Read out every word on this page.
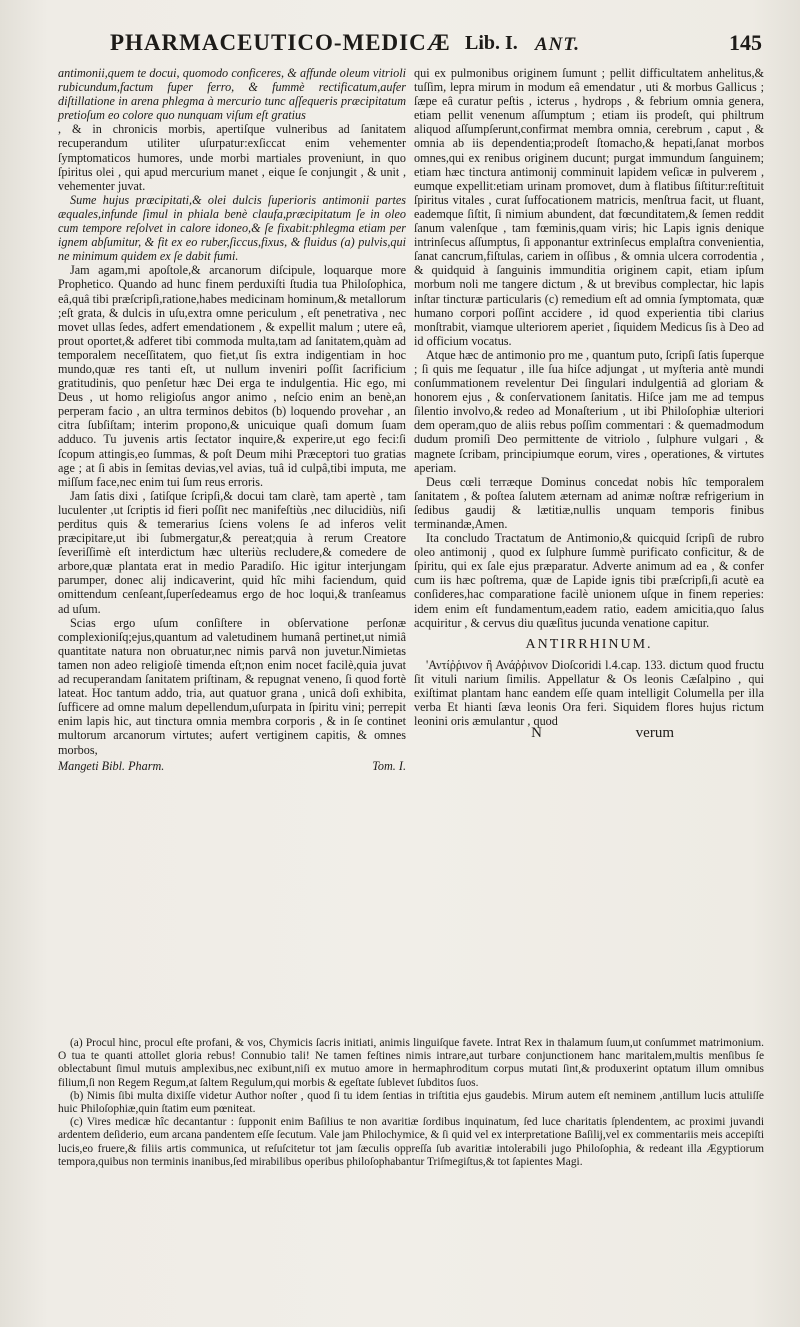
PHARMACEUTICO-MEDICÆ Lib. I. ANT.	145

antimonii,quem te docui, quomodo conficeres, & affunde oleum vitrioli rubicundum,factum fuper ferro, & fummè rectificatum,aufer diſtillatione in arena phlegma à mercurio tunc aſſequeris præcipitatum pretioſum eo colore quo nunquam viſum eſt gratius

, & in chronicis morbis, apertiſque vulneribus ad ſanitatem recuperandum utiliter uſurpatur:exſiccat enim vehementer ſymptomaticos humores, unde morbi martiales proveniunt, in quo ſpiritus olei , qui apud mercurium manet , eique ſe conjungit , & unit , vehementer juvat.

Sume hujus præcipitati,& olei dulcis ſuperioris antimonii partes æquales,infunde ſimul in phiala benè claufa,præcipitatum ſe in oleo cum tempore reſolvet in calore idoneo,& ſe fixabit:phlegma etiam per ignem abſumitur, & fit ex eo ruber,ſiccus,fixus, & fluidus (a) pulvis,qui ne minimum quidem ex ſe dabit fumi.

Jam agam,mi apoſtole,& arcanorum diſcipule, loquarque more Prophetico. Quando ad hunc finem perduxiſti ſtudia tua Philoſophica, eâ,quâ tibi præſcripſi,ratione,habes medicinam hominum,& metallorum ;eſt grata, & dulcis in uſu,extra omne periculum , eſt penetrativa , nec movet ullas ſedes, adfert emendationem , & expellit malum ; utere eâ, prout oportet,& adferet tibi commoda multa,tam ad ſanitatem,quàm ad temporalem neceſſitatem, quo fiet,ut ſis extra indigentiam in hoc mundo,quæ res tanti eſt, ut nullum inveniri poſſit ſacrificium gratitudinis, quo penſetur hæc Dei erga te indulgentia. Hic ego, mi Deus , ut homo religioſus angor animo , neſcio enim an benè,an perperam facio , an ultra terminos debitos (b) loquendo provehar , an citra ſubſiſtam; interim propono,& unicuique quaſi domum ſuam adduco. Tu juvenis artis ſectator inquire,& experire,ut ego feci:ſi ſcopum attingis,eo ſummas, & poſt Deum mihi Præceptori tuo gratias age ; at ſi abis in ſemitas devias,vel avias, tuâ id culpâ,tibi imputa, me miſſum face,nec enim tui ſum reus erroris.

Jam ſatis dixi , ſatiſque ſcripſi,& docui tam clarè, tam apertè , tam luculenter ,ut ſcriptis id fieri poſſit nec manifeſtiùs ,nec dilucidiùs, niſi perditus quis & temerarius ſciens volens ſe ad inferos velit præcipitare,ut ibi ſubmergatur,& pereat;quia à rerum Creatore ſeveriſſimè eſt interdictum hæc ulteriùs recludere,& comedere de arbore,quæ plantata erat in medio Paradiſo. Hic igitur interjungam parumper, donec alij indicaverint, quid hîc mihi faciendum, quid omittendum cenſeant,ſuperſedeamus ergo de hoc loqui,& tranſeamus ad uſum.

Scias ergo uſum conſiſtere in obſervatione perſonæ complexioniſq;ejus,quantum ad valetudinem humanâ pertinet,ut nimiâ quantitate natura non obruatur,nec nimis parvâ non juvetur.Nimietas tamen non adeo religioſè timenda eſt;non enim nocet facilè,quia juvat ad recuperandam ſanitatem priſtinam, & repugnat veneno, ſi quod fortè lateat. Hoc tantum addo, tria, aut quatuor grana , unicâ doſi exhibita, ſufficere ad omne malum depellendum,uſurpata in ſpiritu vini; perrepit enim lapis hic, aut tinctura omnia membra corporis , & in ſe continet multorum arcanorum virtutes; aufert vertiginem capitis, & omnes morbos,

Mangeti Bibl. Pharm.	Tom. I.

qui ex pulmonibus originem ſumunt ; pellit difficultatem anhelitus,& tuſſim, lepra mirum in modum eâ emendatur , uti & morbus Gallicus ; ſæpe eâ curatur peſtis , icterus , hydrops , & febrium omnia genera, etiam pellit venenum aſſumptum ; etiam iis prodeſt, qui philtrum aliquod aſſumpſerunt,confirmat membra omnia, cerebrum , caput , & omnia ab iis dependentia;prodeſt ſtomacho,& hepati,ſanat morbos omnes,qui ex renibus originem ducunt; purgat immundum ſanguinem; etiam hæc tinctura antimonij comminuit lapidem veſicæ in pulverem , eumque expellit:etiam urinam promovet, dum à flatibus ſiſtitur:reſtituit ſpiritus vitales , curat ſuffocationem matricis, menſtrua facit, ut fluant, eademque ſiſtit, ſi nimium abundent, dat fœcunditatem,& ſemen reddit ſanum valenſque , tam fœminis,quam viris; hic Lapis ignis denique intrinſecus aſſumptus, ſi apponantur extrinſecus emplaſtra convenientia, ſanat cancrum,fiſtulas, cariem in oſſibus , & omnia ulcera corrodentia , & quidquid à ſanguinis immunditia originem capit, etiam ipſum morbum noli me tangere dictum , & ut brevibus complectar, hic lapis inſtar tincturæ particularis (c) remedium eſt ad omnia ſymptomata, quæ humano corpori poſſint accidere , id quod experientia tibi clarius monſtrabit, viamque ulteriorem aperiet , ſiquidem Medicus ſis à Deo ad id officium vocatus.

Atque hæc de antimonio pro me , quantum puto, ſcripſi ſatis ſuperque ; ſi quis me ſequatur , ille ſua hiſce adjungat , ut myſteria antè mundi conſummationem revelentur Dei ſingulari indulgentiâ ad gloriam & honorem ejus , & conſervationem ſanitatis. Hiſce jam me ad tempus ſilentio involvo,& redeo ad Monaſterium , ut ibi Philoſophiæ ulteriori dem operam,quo de aliis rebus poſſim commentari : & quemadmodum dudum promiſi Deo permittente de vitriolo , ſulphure vulgari , & magnete ſcribam, principiumque eorum, vires , operationes, & virtutes aperiam.

Deus cœli terræque Dominus concedat nobis hîc temporalem ſanitatem , & poſtea ſalutem æternam ad animæ noſtræ refrigerium in ſedibus gaudij & lætitiæ,nullis unquam temporis finibus terminandæ,Amen.

Ita concludo Tractatum de Antimonio,& quicquid ſcripſi de rubro oleo antimonij , quod ex ſulphure ſummè purificato conficitur, & de ſpiritu, qui ex ſale ejus præparatur. Adverte animum ad ea , & confer cum iis hæc poſtrema, quæ de Lapide ignis tibi præſcripſi,ſi acutè ea conſideres,hac comparatione facilè unionem uſque in finem reperies: idem enim eſt fundamentum,eadem ratio, eadem amicitia,quo ſalus acquiritur , & cervus diu quæſitus jucunda venatione capitur.

ANTIRRHINUM.

'Αντίῤῥινον ἢ Ανάῤῥινον Dioſcoridi l.4.cap. 133. dictum quod fructu ſit vituli narium ſimilis. Appellatur & Os leonis Cæſalpino , qui exiſtimat plantam hanc eandem eſſe quam intelligit Columella per illa verba Et hianti ſæva leonis Ora feri. Siquidem flores hujus rictum leonini oris æmulantur , quod

N	verum

(a) Procul hinc, procul eſte profani, & vos, Chymicis ſacris initiati, animis linguiſque favete. Intrat Rex in thalamum ſuum,ut conſummet matrimonium. O tua te quanti attollet gloria rebus! Connubio tali! Ne tamen feſtines nimis intrare,aut turbare conjunctionem hanc maritalem,multis menſibus ſe oblectabunt ſimul mutuis amplexibus,nec exibunt,niſi ex mutuo amore in hermaphroditum corpus mutati ſint,& produxerint optatum illum omnibus filium,ſi non Regem Regum,at ſaltem Regulum,qui morbis & egeſtate ſublevet ſubditos ſuos.

(b) Nimis ſibi multa dixiſſe videtur Author noſter , quod ſi tu idem ſentias in triſtitia ejus gaudebis. Mirum autem eſt neminem ,antillum lucis attuliſſe huic Philoſophiæ,quin ſtatim eum pœniteat.

(c) Vires medicæ hîc decantantur : ſupponit enim Baſilius te non avaritiæ ſordibus inquinatum, ſed luce charitatis ſplendentem, ac proximi juvandi ardentem deſiderio, eum arcana pandentem eſſe ſecutum. Vale jam Philochymice, & ſi quid vel ex interpretatione Baſilij,vel ex commentariis meis accepiſti lucis,eo fruere,& filiis artis communica, ut reſuſcitetur tot jam ſæculis oppreſſa ſub avaritiæ intolerabili jugo Philoſophia, & redeant illa Ægyptiorum tempora,quibus non terminis inanibus,ſed mirabilibus operibus philoſophabantur Triſmegiſtus,& tot ſapientes Magi.
